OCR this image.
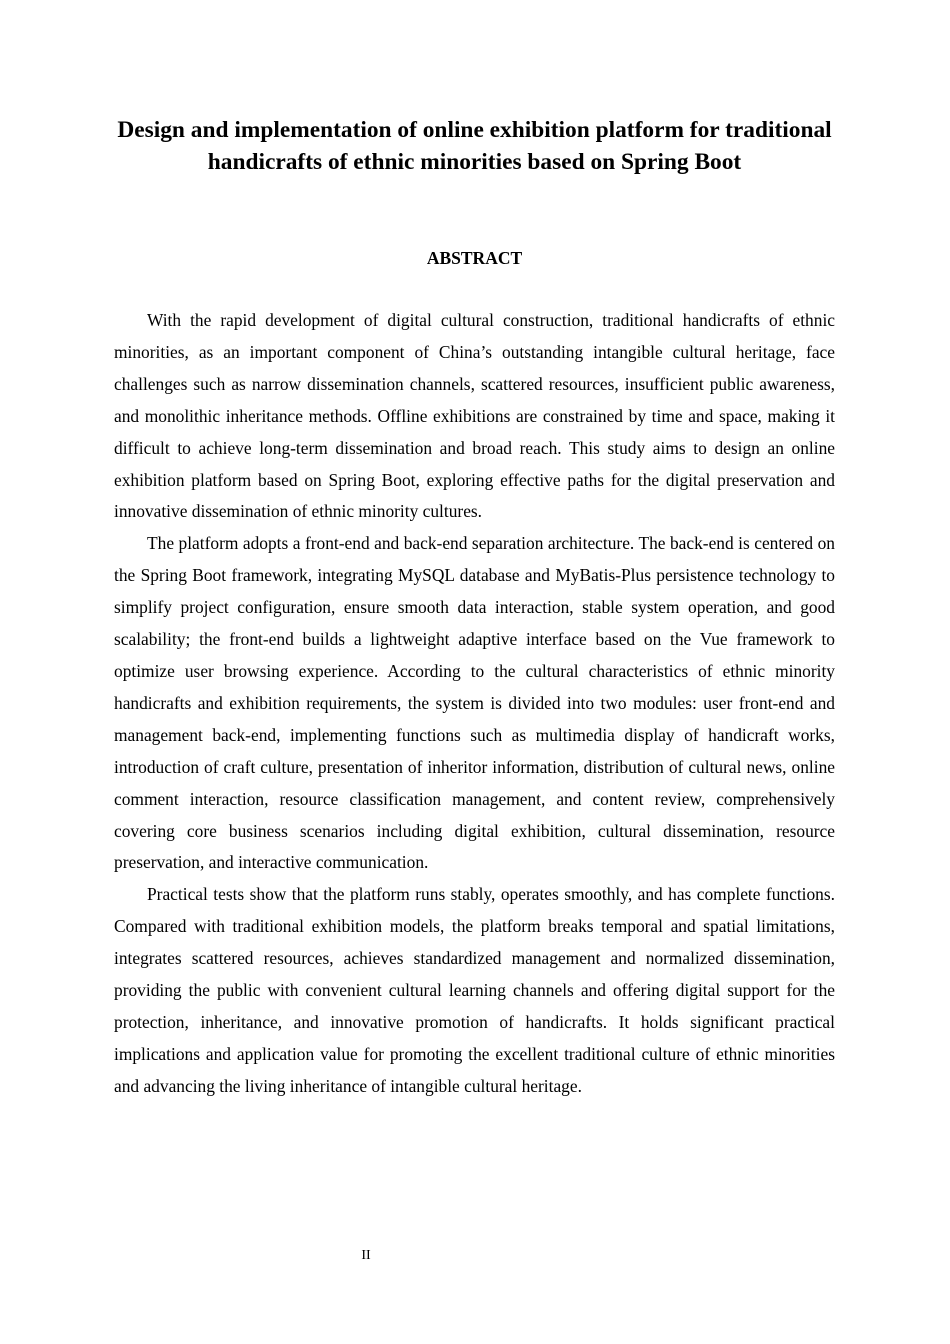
Design and implementation of online exhibition platform for traditional handicrafts of ethnic minorities based on Spring Boot
ABSTRACT

With the rapid development of digital cultural construction, traditional handicrafts of ethnic minorities, as an important component of China’s outstanding intangible cultural heritage, face challenges such as narrow dissemination channels, scattered resources, insufficient public awareness, and monolithic inheritance methods. Offline exhibitions are constrained by time and space, making it difficult to achieve long-term dissemination and broad reach. This study aims to design an online exhibition platform based on Spring Boot, exploring effective paths for the digital preservation and innovative dissemination of ethnic minority cultures.

The platform adopts a front-end and back-end separation architecture. The back-end is centered on the Spring Boot framework, integrating MySQL database and MyBatis-Plus persistence technology to simplify project configuration, ensure smooth data interaction, stable system operation, and good scalability; the front-end builds a lightweight adaptive interface based on the Vue framework to optimize user browsing experience. According to the cultural characteristics of ethnic minority handicrafts and exhibition requirements, the system is divided into two modules: user front-end and management back-end, implementing functions such as multimedia display of handicraft works, introduction of craft culture, presentation of inheritor information, distribution of cultural news, online comment interaction, resource classification management, and content review, comprehensively covering core business scenarios including digital exhibition, cultural dissemination, resource preservation, and interactive communication.

Practical tests show that the platform runs stably, operates smoothly, and has complete functions. Compared with traditional exhibition models, the platform breaks temporal and spatial limitations, integrates scattered resources, achieves standardized management and normalized dissemination, providing the public with convenient cultural learning channels and offering digital support for the protection, inheritance, and innovative promotion of handicrafts. It holds significant practical implications and application value for promoting the excellent traditional culture of ethnic minorities and advancing the living inheritance of intangible cultural heritage.

II
